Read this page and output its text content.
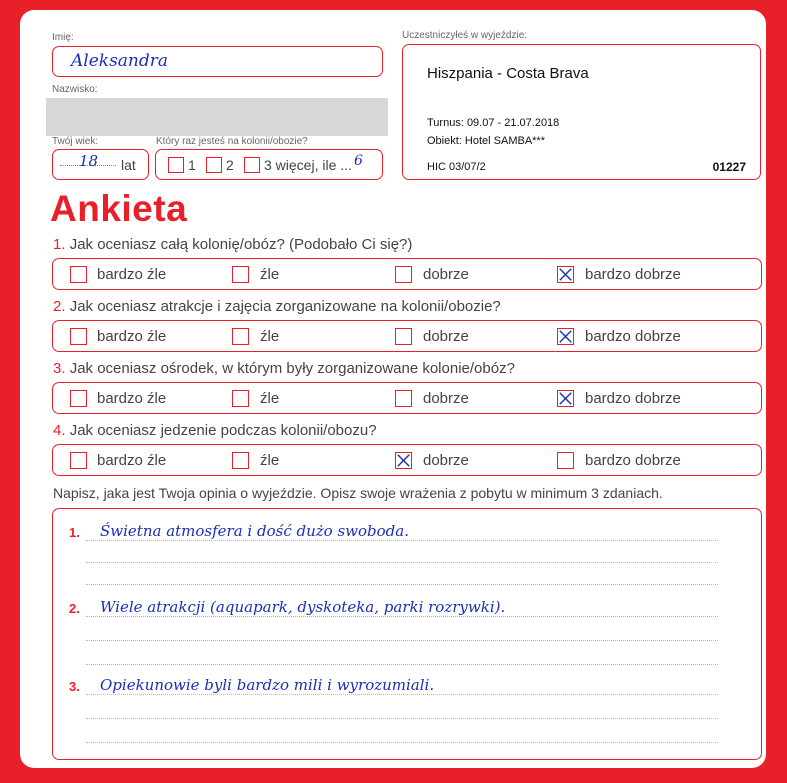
Imię:
Aleksandra
Nazwisko:
Twój wiek:
18 lat
Który raz jesteś na kolonii/obozie?
1 2 3 więcej, ile ... 6
Uczestniczyłeś w wyjeździe:
Hiszpania - Costa Brava
Turnus: 09.07 - 21.07.2018
Obiekt: Hotel SAMBA***
HIC 03/07/2	01227
Ankieta
1. Jak oceniasz całą kolonię/obóz? (Podobało Ci się?)
bardzo źle	źle	dobrze	bardzo dobrze
2. Jak oceniasz atrakcje i zajęcia zorganizowane na kolonii/obozie?
bardzo źle	źle	dobrze	bardzo dobrze
3. Jak oceniasz ośrodek, w którym były zorganizowane kolonie/obóz?
bardzo źle	źle	dobrze	bardzo dobrze
4. Jak oceniasz jedzenie podczas kolonii/obozu?
bardzo źle	źle	dobrze	bardzo dobrze
Napisz, jaka jest Twoja opinia o wyjeździe. Opisz swoje wrażenia z pobytu w minimum 3 zdaniach.
1. Świetna atmosfera i dość dużo swoboda.
2. Wiele atrakcji (aquapark, dyskoteka, parki rozrywki).
3. Opiekunowie byli bardzo mili i wyrozumiali.
